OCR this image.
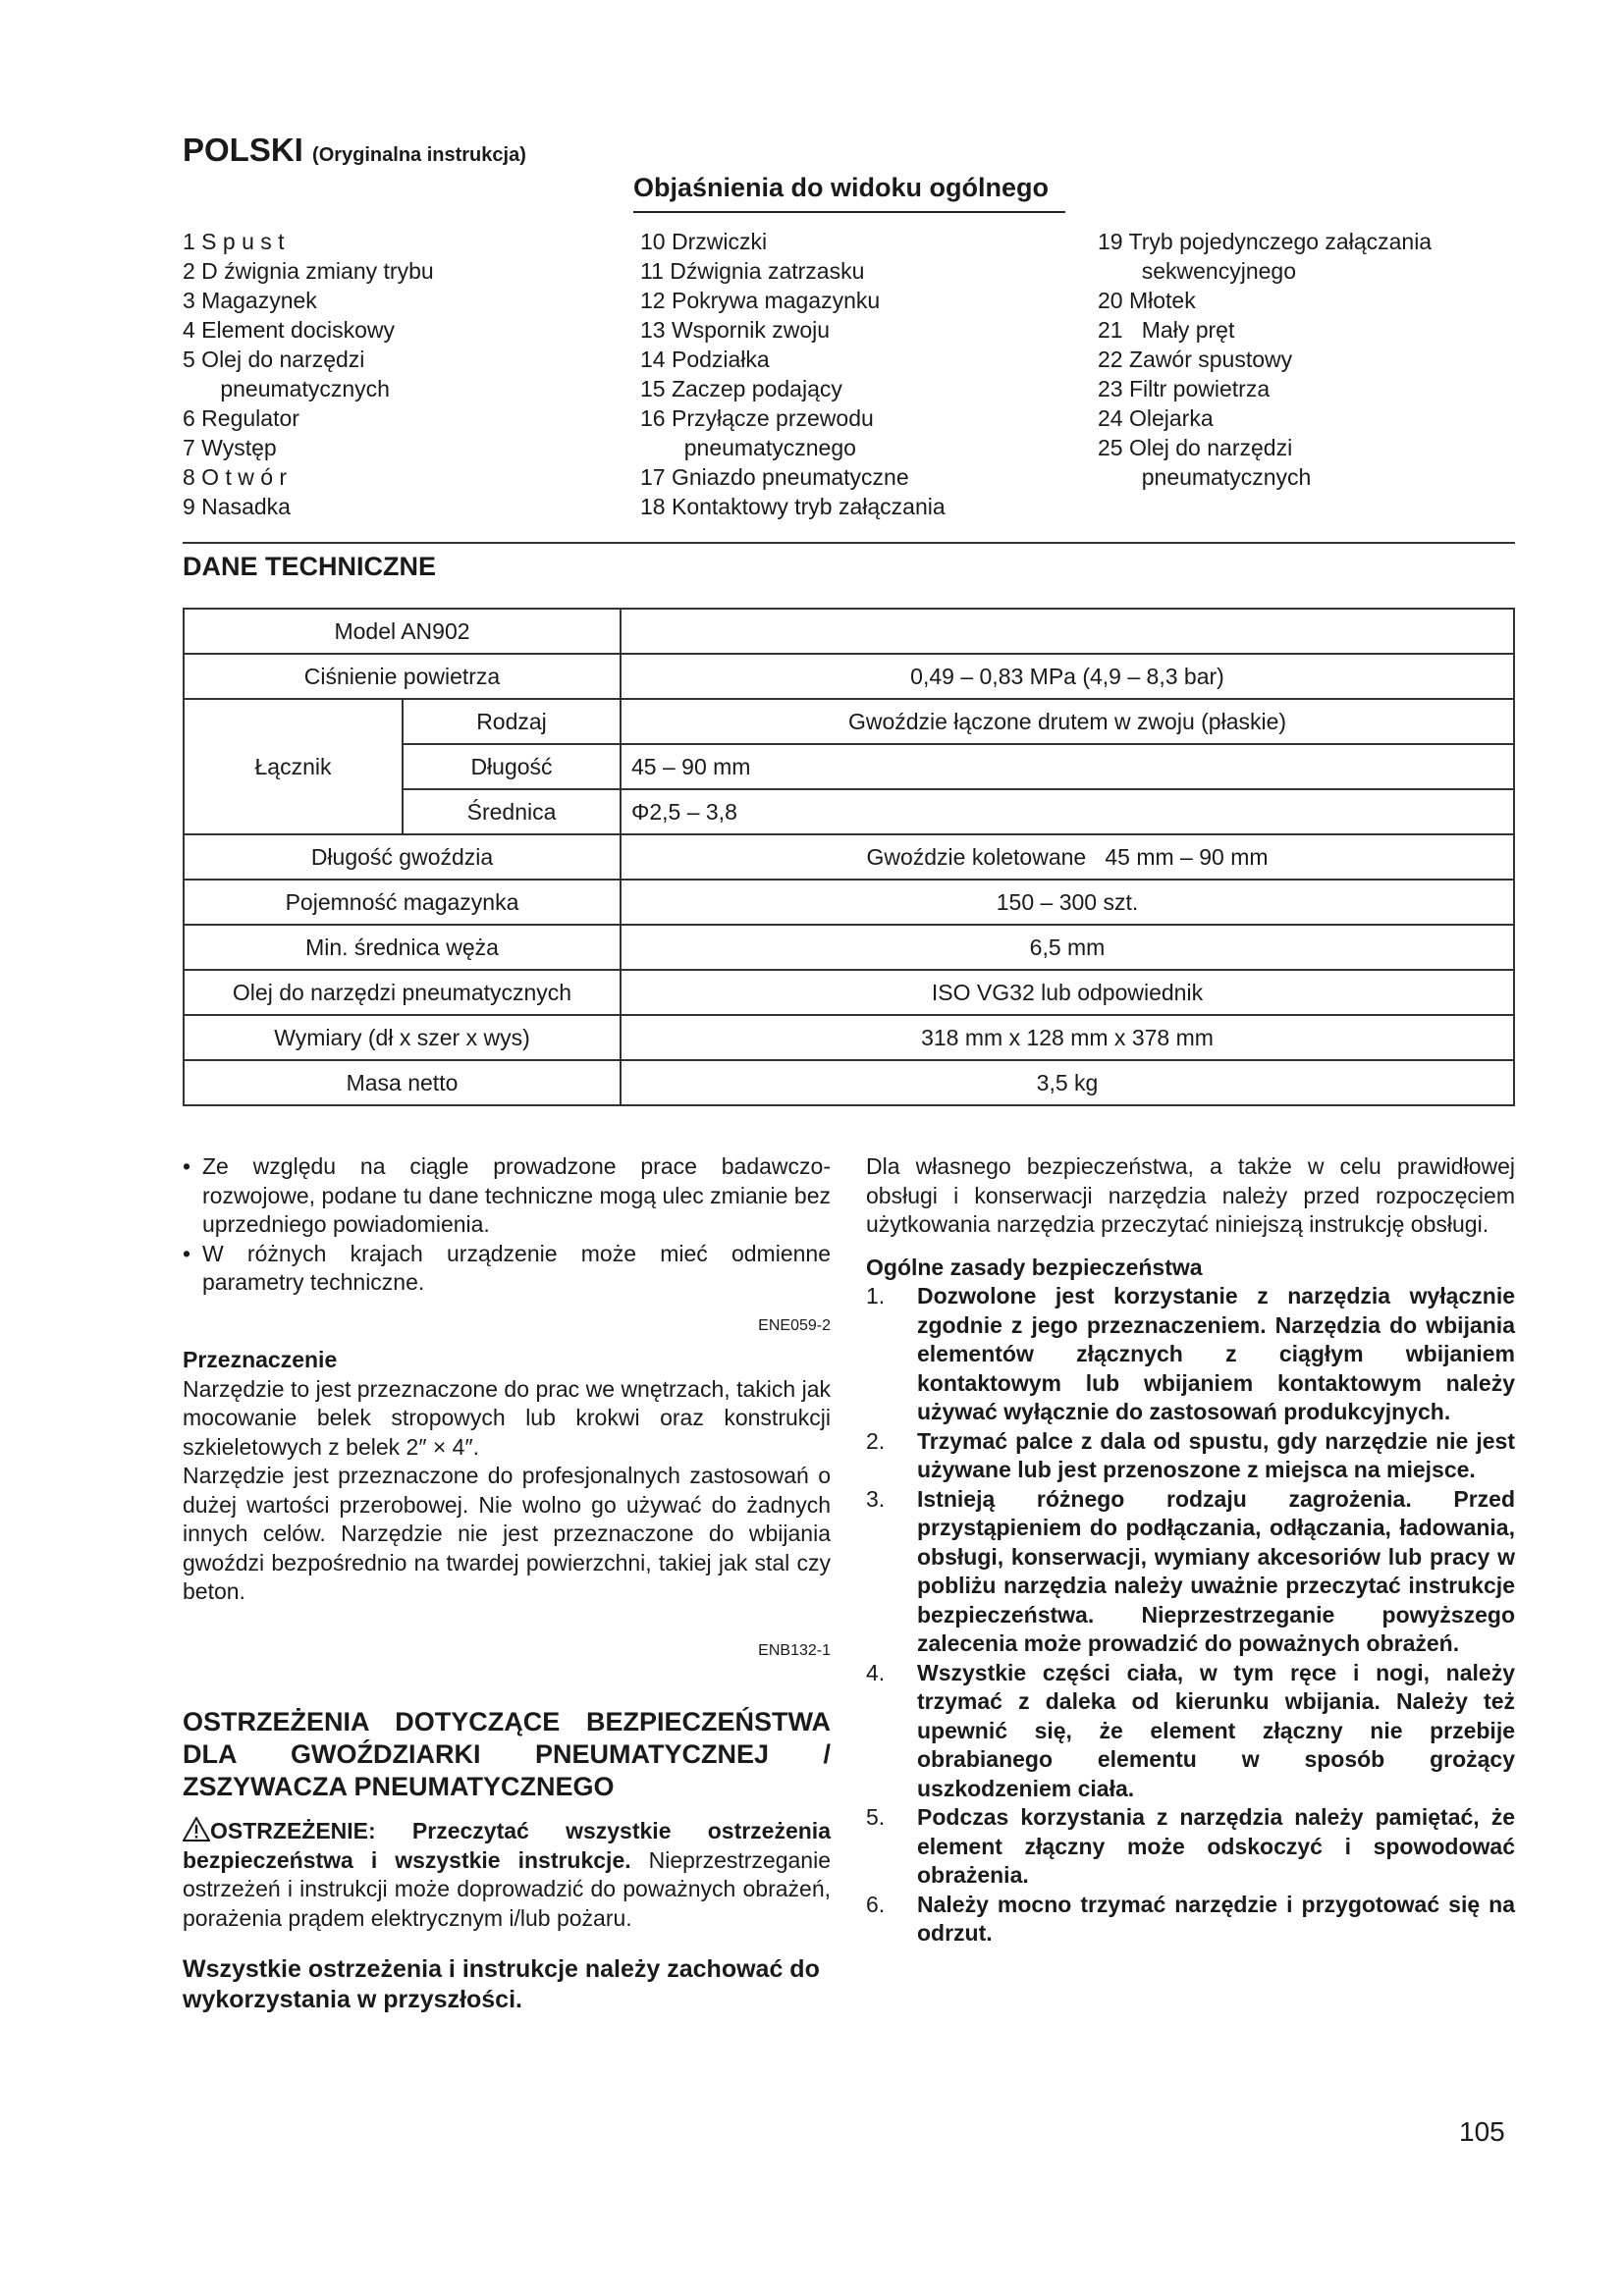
POLSKI (Oryginalna instrukcja)
Objaśnienia do widoku ogólnego
1 S p u s t
2 D źwignia zmiany trybu
3 Magazynek
4 Element dociskowy
5 Olej do narzędzi
pneumatycznych
6 Regulator
7 Występ
8 O t w ó r
9 Nasadka
10 Drzwiczki
11 Dźwignia zatrzasku
12 Pokrywa magazynku
13 Wspornik zwoju
14 Podziałka
15 Zaczep podający
16 Przyłącze przewodu
pneumatycznego
17 Gniazdo pneumatyczne
18 Kontaktowy tryb załączania
19 Tryb pojedynczego załączania
sekwencyjnego
20 Młotek
21   Mały pręt
22 Zawór spustowy
23 Filtr powietrza
24 Olejarka
25 Olej do narzędzi
pneumatycznych
DANE TECHNICZNE
Model AN902		
Ciśnienie powietrza		0,49 – 0,83 MPa (4,9 – 8,3 bar)
Łącznik	Rodzaj	Gwoździe łączone drutem w zwoju (płaskie)
	Długość	45 – 90 mm
	Średnica	Φ2,5 – 3,8
Długość gwoździa		Gwoździe koletowane   45 mm – 90 mm
Pojemność magazynka		150 – 300 szt.
Min. średnica węża		6,5 mm
Olej do narzędzi pneumatycznych		ISO VG32 lub odpowiednik
Wymiary (dł x szer x wys)		318 mm x 128 mm x 378 mm
Masa netto		3,5 kg

• Ze względu na ciągle prowadzone prace badawczo-rozwojowe, podane tu dane techniczne mogą ulec zmianie bez uprzedniego powiadomienia.

• W różnych krajach urządzenie może mieć odmienne parametry techniczne.

ENE059-2

Przeznaczenie

Narzędzie to jest przeznaczone do prac we wnętrzach, takich jak mocowanie belek stropowych lub krokwi oraz konstrukcji szkieletowych z belek 2″ × 4″.

Narzędzie jest przeznaczone do profesjonalnych zastosowań o dużej wartości przerobowej. Nie wolno go używać do żadnych innych celów. Narzędzie nie jest przeznaczone do wbijania gwoździ bezpośrednio na twardej powierzchni, takiej jak stal czy beton.

ENB132-1

OSTRZEŻENIA DOTYCZĄCE BEZPIECZEŃSTWA DLA GWOŹDZIARKI PNEUMATYCZNEJ / ZSZYWACZA PNEUMATYCZNEGO

OSTRZEŻENIE: Przeczytać wszystkie ostrzeżenia bezpieczeństwa i wszystkie instrukcje. Nieprzestrzeganie ostrzeżeń i instrukcji może doprowadzić do poważnych obrażeń, porażenia prądem elektrycznym i/lub pożaru.

Wszystkie ostrzeżenia i instrukcje należy zachować do wykorzystania w przyszłości.

Dla własnego bezpieczeństwa, a także w celu prawidłowej obsługi i konserwacji narzędzia należy przed rozpoczęciem użytkowania narzędzia przeczytać niniejszą instrukcję obsługi.

Ogólne zasady bezpieczeństwa

1. Dozwolone jest korzystanie z narzędzia wyłącznie zgodnie z jego przeznaczeniem. Narzędzia do wbijania elementów złącznych z ciągłym wbijaniem kontaktowym lub wbijaniem kontaktowym należy używać wyłącznie do zastosowań produkcyjnych.
2. Trzymać palce z dala od spustu, gdy narzędzie nie jest używane lub jest przenoszone z miejsca na miejsce.
3. Istnieją różnego rodzaju zagrożenia. Przed przystąpieniem do podłączania, odłączania, ładowania, obsługi, konserwacji, wymiany akcesoriów lub pracy w pobliżu narzędzia należy uważnie przeczytać instrukcje bezpieczeństwa. Nieprzestrzeganie powyższego zalecenia może prowadzić do poważnych obrażeń.
4. Wszystkie części ciała, w tym ręce i nogi, należy trzymać z daleka od kierunku wbijania. Należy też upewnić się, że element złączny nie przebije obrabianego elementu w sposób grożący uszkodzeniem ciała.
5. Podczas korzystania z narzędzia należy pamiętać, że element złączny może odskoczyć i spowodować obrażenia.
6. Należy mocno trzymać narzędzie i przygotować się na odrzut.
105
